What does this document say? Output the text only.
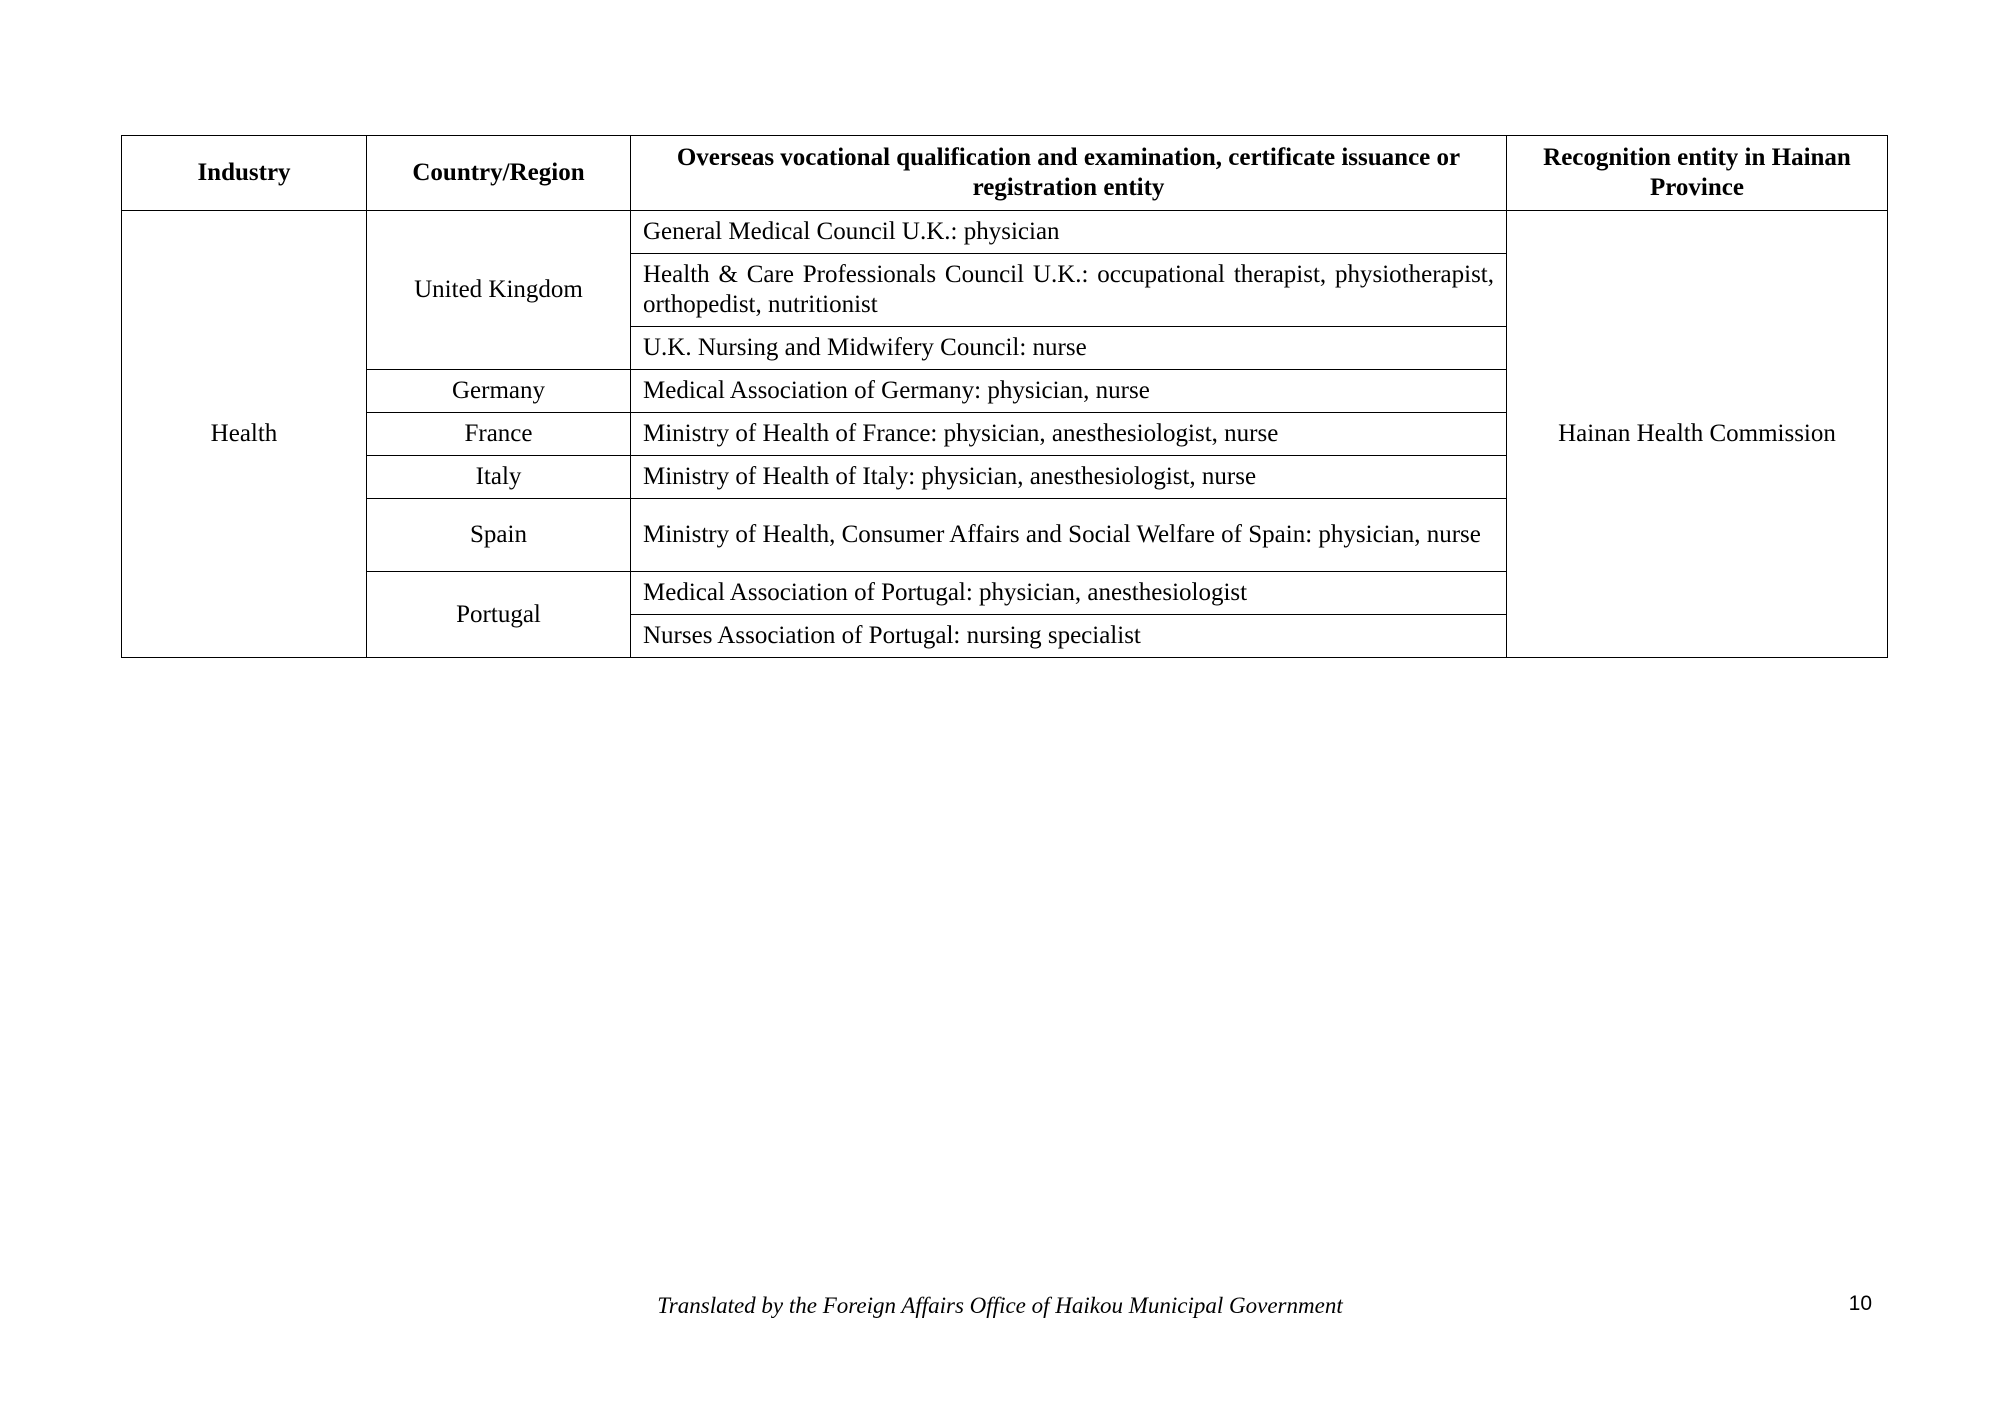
Industry	Country/Region	Overseas vocational qualification and examination, certificate issuance or registration entity	Recognition entity in Hainan Province
Health	United Kingdom	General Medical Council U.K.: physician	Hainan Health Commission
		Health & Care Professionals Council U.K.: occupational therapist, physiotherapist, orthopedist, nutritionist	
		U.K. Nursing and Midwifery Council: nurse	
	Germany	Medical Association of Germany: physician, nurse	
	France	Ministry of Health of France: physician, anesthesiologist, nurse	
	Italy	Ministry of Health of Italy: physician, anesthesiologist, nurse	
	Spain	Ministry of Health, Consumer Affairs and Social Welfare of Spain: physician, nurse	
	Portugal	Medical Association of Portugal: physician, anesthesiologist	
		Nurses Association of Portugal: nursing specialist	
Translated by the Foreign Affairs Office of Haikou Municipal Government	10
